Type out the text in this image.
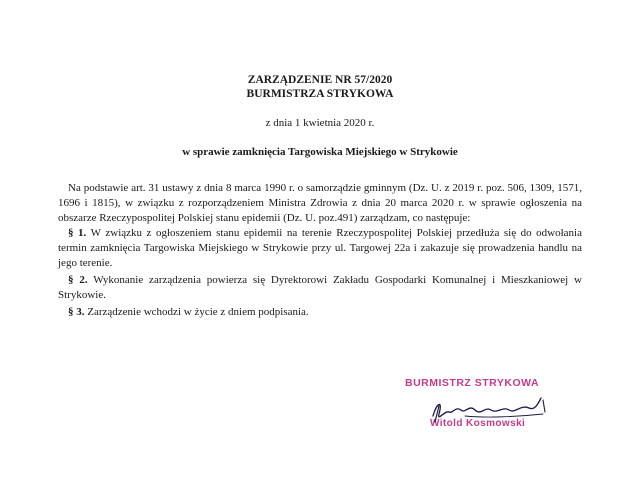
ZARZĄDZENIE NR 57/2020
BURMISTRZA STRYKOWA
z dnia 1 kwietnia 2020 r.
w sprawie zamknięcia Targowiska Miejskiego w Strykowie

Na podstawie art. 31 ustawy z dnia 8 marca 1990 r. o samorządzie gminnym (Dz. U. z 2019 r. poz. 506, 1309, 1571, 1696 i 1815), w związku z rozporządzeniem Ministra Zdrowia z dnia 20 marca 2020 r. w sprawie ogłoszenia na obszarze Rzeczypospolitej Polskiej stanu epidemii (Dz. U. poz.491) zarządzam, co następuje:

§ 1. W związku z ogłoszeniem stanu epidemii na terenie Rzeczypospolitej Polskiej przedłuża się do odwołania termin zamknięcia Targowiska Miejskiego w Strykowie przy ul. Targowej 22a i zakazuje się prowadzenia handlu na jego terenie.

§ 2. Wykonanie zarządzenia powierza się Dyrektorowi Zakładu Gospodarki Komunalnej i Mieszkaniowej w Strykowie.

§ 3. Zarządzenie wchodzi w życie z dniem podpisania.

BURMISTRZ STRYKOWA
Witold Kosmowski
